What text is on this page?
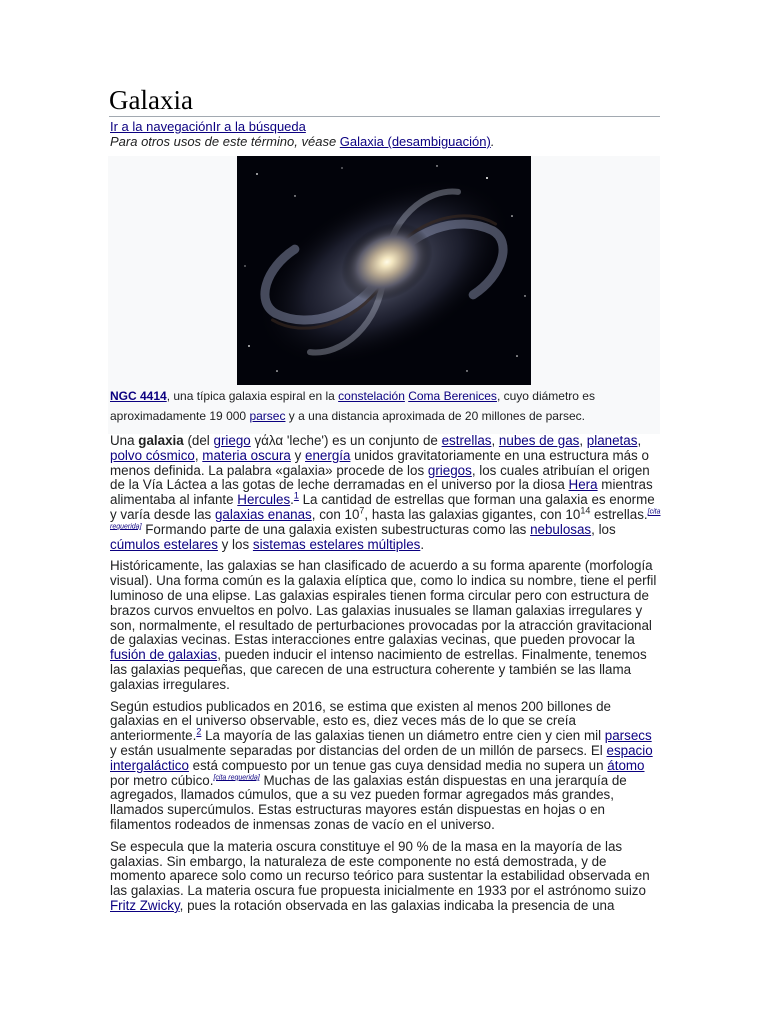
Galaxia
Ir a la navegaciónIr a la búsqueda
Para otros usos de este término, véase Galaxia (desambiguación).
NGC 4414, una típica galaxia espiral en la constelación Coma Berenices, cuyo diámetro es aproximadamente 19 000 parsec y a una distancia aproximada de 20 millones de parsec.

Una galaxia (del griego γάλα 'leche') es un conjunto de estrellas, nubes de gas, planetas, polvo cósmico, materia oscura y energía unidos gravitatoriamente en una estructura más o menos definida. La palabra «galaxia» procede de los griegos, los cuales atribuían el origen de la Vía Láctea a las gotas de leche derramadas en el universo por la diosa Hera mientras alimentaba al infante Hercules.$^1$ La cantidad de estrellas que forman una galaxia es enorme y varía desde las galaxias enanas, con $10^7$, hasta las galaxias gigantes, con $10^{14}$ estrellas.[cita requerida] Formando parte de una galaxia existen subestructuras como las nebulosas, los cúmulos estelares y los sistemas estelares múltiples.

Históricamente, las galaxias se han clasificado de acuerdo a su forma aparente (morfología visual). Una forma común es la galaxia elíptica que, como lo indica su nombre, tiene el perfil luminoso de una elipse. Las galaxias espirales tienen forma circular pero con estructura de brazos curvos envueltos en polvo. Las galaxias inusuales se llaman galaxias irregulares y son, normalmente, el resultado de perturbaciones provocadas por la atracción gravitacional de galaxias vecinas. Estas interacciones entre galaxias vecinas, que pueden provocar la fusión de galaxias, pueden inducir el intenso nacimiento de estrellas. Finalmente, tenemos las galaxias pequeñas, que carecen de una estructura coherente y también se las llama galaxias irregulares.

Según estudios publicados en 2016, se estima que existen al menos 200 billones de galaxias en el universo observable, esto es, diez veces más de lo que se creía anteriormente.$^2$ La mayoría de las galaxias tienen un diámetro entre cien y cien mil parsecs y están usualmente separadas por distancias del orden de un millón de parsecs. El espacio intergaláctico está compuesto por un tenue gas cuya densidad media no supera un átomo por metro cúbico.[cita requerida] Muchas de las galaxias están dispuestas en una jerarquía de agregados, llamados cúmulos, que a su vez pueden formar agregados más grandes, llamados supercúmulos. Estas estructuras mayores están dispuestas en hojas o en filamentos rodeados de inmensas zonas de vacío en el universo.

Se especula que la materia oscura constituye el 90 % de la masa en la mayoría de las galaxias. Sin embargo, la naturaleza de este componente no está demostrada, y de momento aparece solo como un recurso teórico para sustentar la estabilidad observada en las galaxias. La materia oscura fue propuesta inicialmente en 1933 por el astrónomo suizo Fritz Zwicky, pues la rotación observada en las galaxias indicaba la presencia de una
